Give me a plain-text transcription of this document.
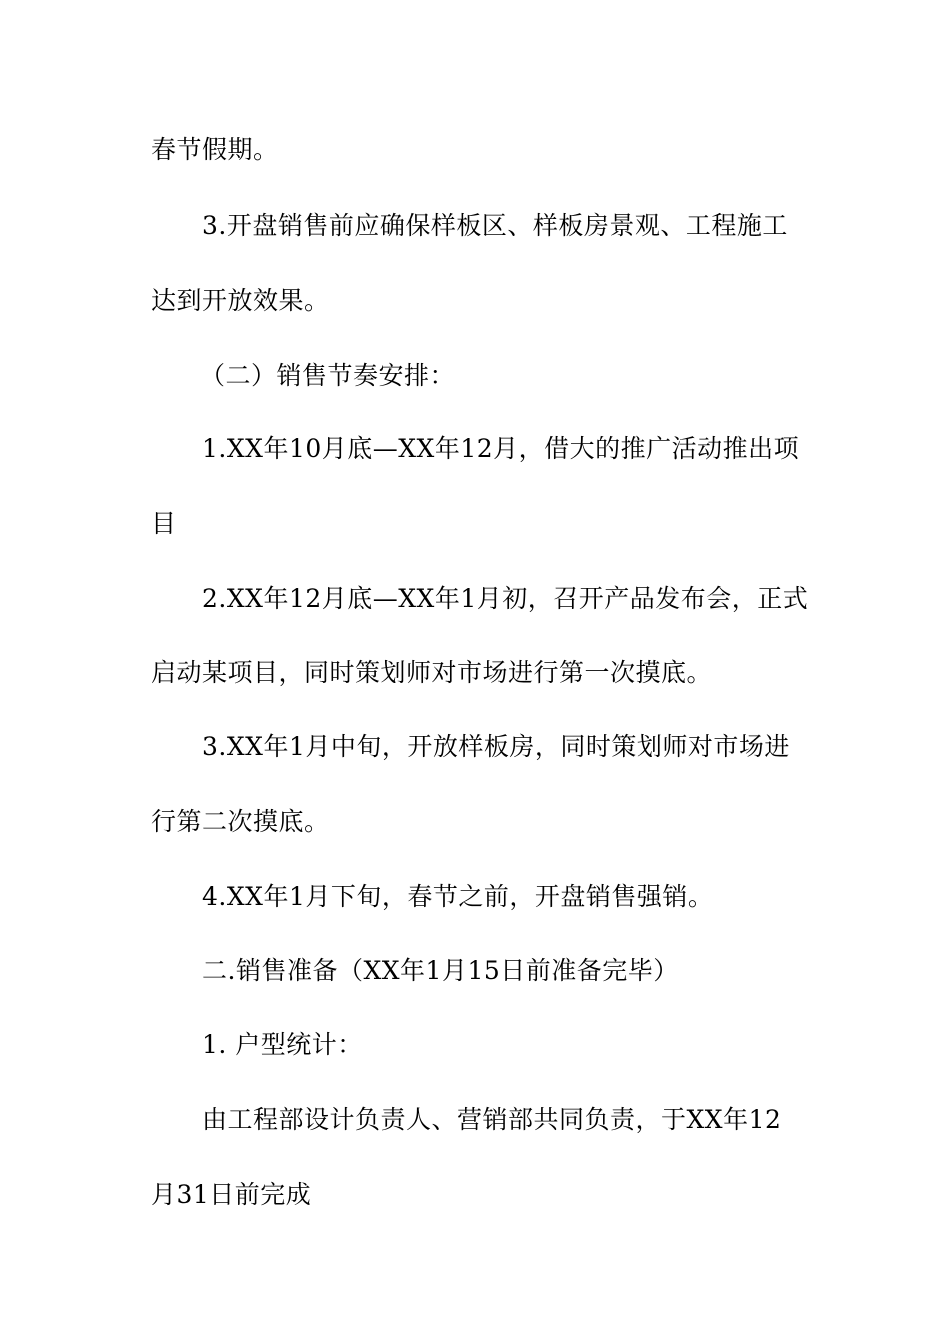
春节假期。
3.开盘销售前应确保样板区、样板房景观、工程施工
达到开放效果。
（二）销售节奏安排：
1.XX年10月底—XX年12月，借大的推广活动推出项
目
2.XX年12月底—XX年1月初，召开产品发布会，正式
启动某项目，同时策划师对市场进行第一次摸底。
3.XX年1月中旬，开放样板房，同时策划师对市场进
行第二次摸底。
4.XX年1月下旬，春节之前，开盘销售强销。
二.销售准备（XX年1月15日前准备完毕）
1. 户型统计：
由工程部设计负责人、营销部共同负责，于XX年12
月31日前完成
